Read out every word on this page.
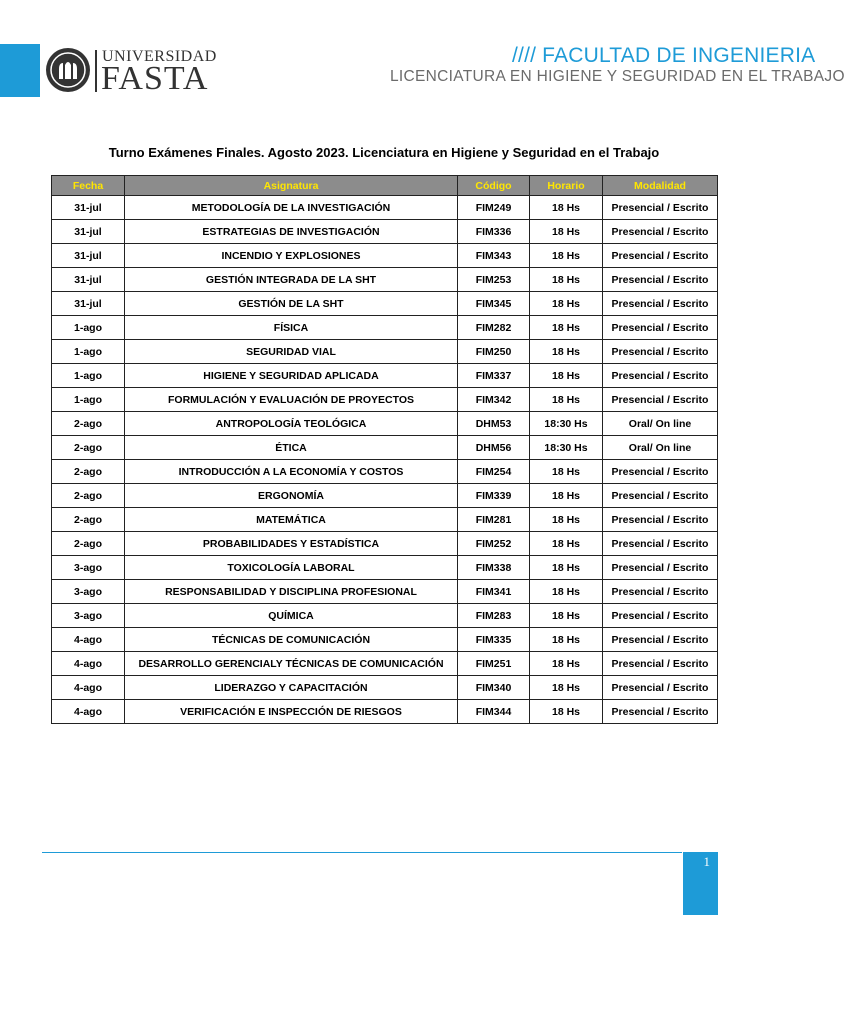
UNIVERSIDAD
FASTA
//// FACULTAD DE INGENIERIA
LICENCIATURA EN HIGIENE Y SEGURIDAD EN EL TRABAJO
Turno Exámenes Finales. Agosto 2023. Licenciatura en Higiene y Seguridad en el Trabajo
Fecha	Asignatura	Código	Horario	Modalidad
31-jul	METODOLOGÍA DE LA INVESTIGACIÓN	FIM249	18 Hs	Presencial / Escrito
31-jul	ESTRATEGIAS DE INVESTIGACIÓN	FIM336	18 Hs	Presencial / Escrito
31-jul	INCENDIO Y EXPLOSIONES	FIM343	18 Hs	Presencial / Escrito
31-jul	GESTIÓN INTEGRADA DE LA SHT	FIM253	18 Hs	Presencial / Escrito
31-jul	GESTIÓN DE LA SHT	FIM345	18 Hs	Presencial / Escrito
1-ago	FÍSICA	FIM282	18 Hs	Presencial / Escrito
1-ago	SEGURIDAD VIAL	FIM250	18 Hs	Presencial / Escrito
1-ago	HIGIENE Y SEGURIDAD APLICADA	FIM337	18 Hs	Presencial / Escrito
1-ago	FORMULACIÓN Y EVALUACIÓN DE PROYECTOS	FIM342	18 Hs	Presencial / Escrito
2-ago	ANTROPOLOGÍA TEOLÓGICA	DHM53	18:30 Hs	Oral/ On line
2-ago	ÉTICA	DHM56	18:30 Hs	Oral/ On line
2-ago	INTRODUCCIÓN A LA ECONOMÍA Y COSTOS	FIM254	18 Hs	Presencial / Escrito
2-ago	ERGONOMÍA	FIM339	18 Hs	Presencial / Escrito
2-ago	MATEMÁTICA	FIM281	18 Hs	Presencial / Escrito
2-ago	PROBABILIDADES Y ESTADÍSTICA	FIM252	18 Hs	Presencial / Escrito
3-ago	TOXICOLOGÍA LABORAL	FIM338	18 Hs	Presencial / Escrito
3-ago	RESPONSABILIDAD Y DISCIPLINA PROFESIONAL	FIM341	18 Hs	Presencial / Escrito
3-ago	QUÍMICA	FIM283	18 Hs	Presencial / Escrito
4-ago	TÉCNICAS DE COMUNICACIÓN	FIM335	18 Hs	Presencial / Escrito
4-ago	DESARROLLO GERENCIALY TÉCNICAS DE COMUNICACIÓN	FIM251	18 Hs	Presencial / Escrito
4-ago	LIDERAZGO Y CAPACITACIÓN	FIM340	18 Hs	Presencial / Escrito
4-ago	VERIFICACIÓN E INSPECCIÓN DE RIESGOS	FIM344	18 Hs	Presencial / Escrito
1
